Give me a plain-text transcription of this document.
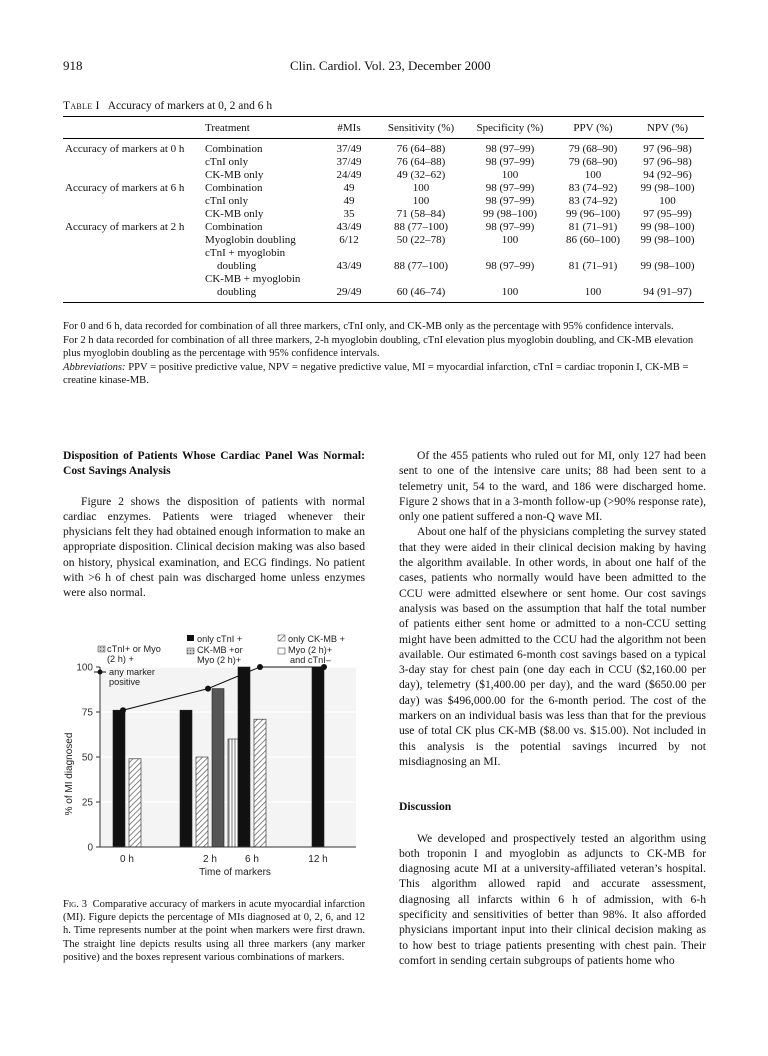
918	Clin. Cardiol. Vol. 23, December 2000
Table I Accuracy of markers at 0, 2 and 6 h
	Treatment	#MIs	Sensitivity (%)	Specificity (%)	PPV (%)	NPV (%)
Accuracy of markers at 0 h	Combination	37/49	76 (64–88)	98 (97–99)	79 (68–90)	97 (96–98)
	cTnI only	37/49	76 (64–88)	98 (97–99)	79 (68–90)	97 (96–98)
	CK-MB only	24/49	49 (32–62)	100	100	94 (92–96)
Accuracy of markers at 6 h	Combination	49	100	98 (97–99)	83 (74–92)	99 (98–100)
	cTnI only	49	100	98 (97–99)	83 (74–92)	100
	CK-MB only	35	71 (58–84)	99 (98–100)	99 (96–100)	97 (95–99)
Accuracy of markers at 2 h	Combination	43/49	88 (77–100)	98 (97–99)	81 (71–91)	99 (98–100)
	Myoglobin doubling	6/12	50 (22–78)	100	86 (60–100)	99 (98–100)
	cTnI + myoglobin					
	doubling	43/49	88 (77–100)	98 (97–99)	81 (71–91)	99 (98–100)
	CK-MB + myoglobin					
	doubling	29/49	60 (46–74)	100	100	94 (91–97)
For 0 and 6 h, data recorded for combination of all three markers, cTnI only, and CK-MB only as the percentage with 95% confidence intervals.
For 2 h data recorded for combination of all three markers, 2-h myoglobin doubling, cTnI elevation plus myoglobin doubling, and CK-MB elevation plus myoglobin doubling as the percentage with 95% confidence intervals.
Abbreviations: PPV = positive predictive value, NPV = negative predictive value, MI = myocardial infarction, cTnI = cardiac troponin I, CK-MB = creatine kinase-MB.

Disposition of Patients Whose Cardiac Panel Was Normal: Cost Savings Analysis

Figure 2 shows the disposition of patients with normal cardiac enzymes. Patients were triaged whenever their physicians felt they had obtained enough information to make an appropriate disposition. Clinical decision making was also based on history, physical examination, and ECG findings. No patient with >6 h of chest pain was discharged home unless enzymes were also normal.

0
25
50
75
100
0 h	2 h	6 h	12 h
cTnI+ or Myo
(2 h) +
any marker
positive
only cTnI +
CK-MB +or
Myo (2 h)+
only CK-MB +
Myo (2 h)+
and cTnI–
Time of markers
% of MI diagnosed
Fig. 3 Comparative accuracy of markers in acute myocardial infarction (MI). Figure depicts the percentage of MIs diagnosed at 0, 2, 6, and 12 h. Time represents number at the point when markers were first drawn. The straight line depicts results using all three markers (any marker positive) and the boxes represent various combinations of markers.

Of the 455 patients who ruled out for MI, only 127 had been sent to one of the intensive care units; 88 had been sent to a telemetry unit, 54 to the ward, and 186 were discharged home. Figure 2 shows that in a 3-month follow-up (>90% response rate), only one patient suffered a non-Q wave MI.

About one half of the physicians completing the survey stated that they were aided in their clinical decision making by having the algorithm available. In other words, in about one half of the cases, patients who normally would have been admitted to the CCU were admitted elsewhere or sent home. Our cost savings analysis was based on the assumption that half the total number of patients either sent home or admitted to a non-CCU setting might have been admitted to the CCU had the algorithm not been available. Our estimated 6-month cost savings based on a typical 3-day stay for chest pain (one day each in CCU ($2,160.00 per day), telemetry ($1,400.00 per day), and the ward ($650.00 per day) was $496,000.00 for the 6-month period. The cost of the markers on an individual basis was less than that for the previous use of total CK plus CK-MB ($8.00 vs. $15.00). Not included in this analysis is the potential savings incurred by not misdiagnosing an MI.

Discussion

We developed and prospectively tested an algorithm using both troponin I and myoglobin as adjuncts to CK-MB for diagnosing acute MI at a university-affiliated veteran’s hospital. This algorithm allowed rapid and accurate assessment, diagnosing all infarcts within 6 h of admission, with 6-h specificity and sensitivities of better than 98%. It also afforded physicians important input into their clinical decision making as to how best to triage patients presenting with chest pain. Their comfort in sending certain subgroups of patients home who
